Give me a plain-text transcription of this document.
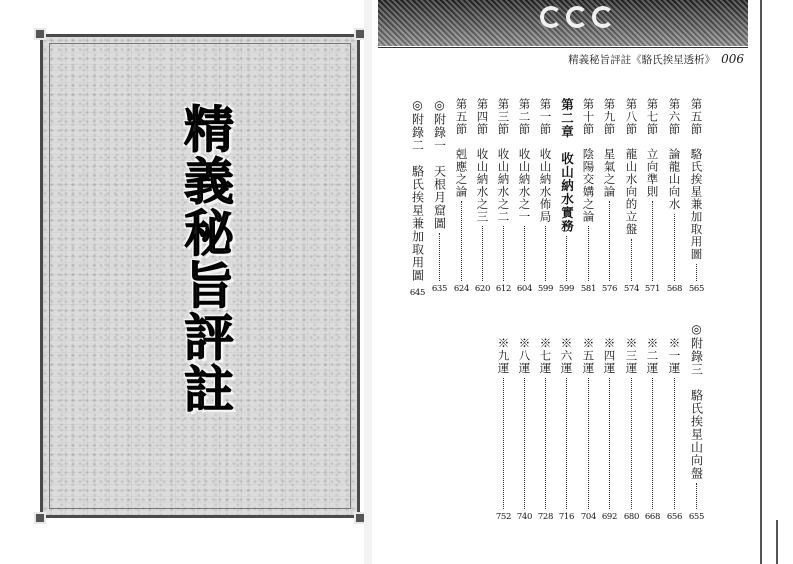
精義秘旨評註
精義秘旨評註《駱氏挨星透析》 006
第五節　駱氏挨星兼加取用圖
565
第六節　論龍山向水
568
第七節　立向準則
571
第八節　龍山水向的立盤
574
第九節　星氣之論
576
第十節　陰陽交媾之論
581
第二章　收山納水實務
599
第一節　收山納水佈局
599
第二節　收山納水之一
604
第三節　收山納水之二
612
第四節　收山納水之三
620
第五節　剋應之論
624
◎附錄一　天根月窟圖
635
◎附錄二　駱氏挨星兼加取用圖
645
◎附錄三　駱氏挨星山向盤
655
※一運
656
※二運
668
※三運
680
※四運
692
※五運
704
※六運
716
※七運
728
※八運
740
※九運
752
